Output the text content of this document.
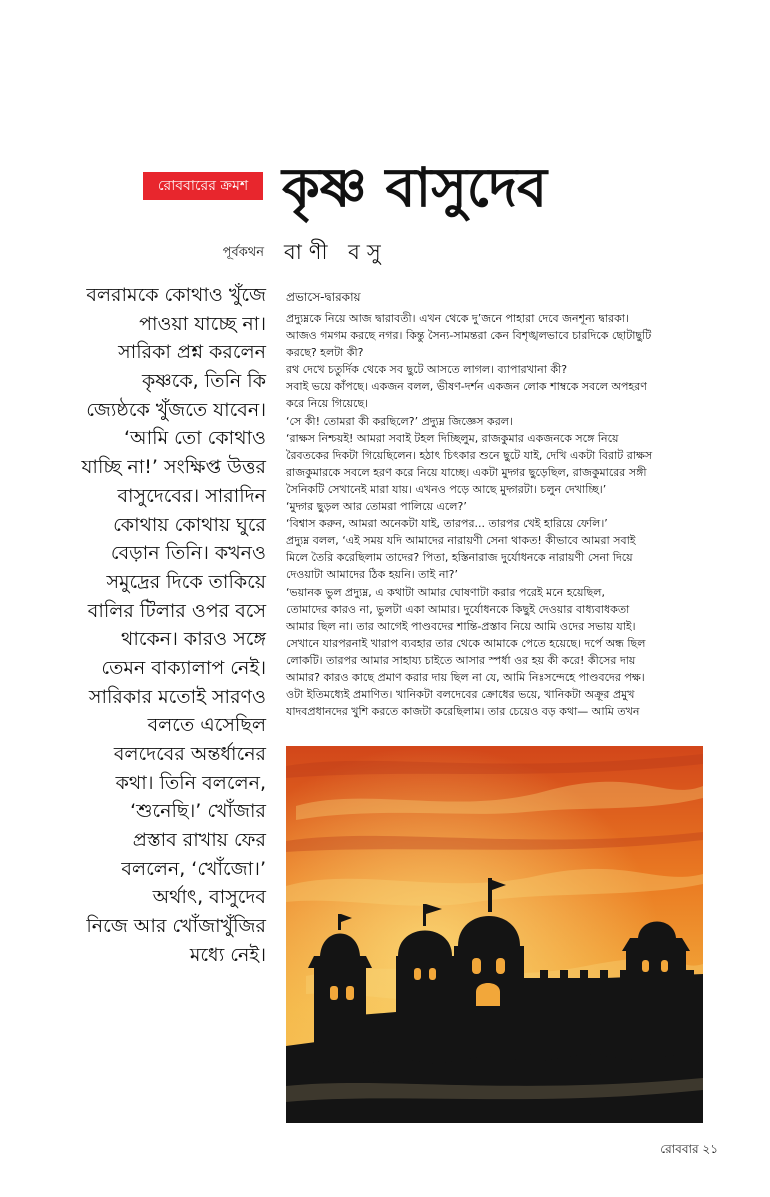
রোববারের ক্রমশ কৃষ্ণ বাসুদেব
পূর্বকথন বাণী বসু
বলরামকে কোথাও খুঁজে
পাওয়া যাচ্ছে না।
সারিকা প্রশ্ন করলেন
কৃষ্ণকে, তিনি কি
জ্যেষ্ঠকে খুঁজতে যাবেন।
‘আমি তো কোথাও
যাচ্ছি না!’ সংক্ষিপ্ত উত্তর
বাসুদেবের। সারাদিন
কোথায় কোথায় ঘুরে
বেড়ান তিনি। কখনও
সমুদ্রের দিকে তাকিয়ে
বালির টিলার ওপর বসে
থাকেন। কারও সঙ্গে
তেমন বাক্যালাপ নেই।
সারিকার মতোই সারণও
বলতে এসেছিল
বলদেবের অন্তর্ধানের
কথা। তিনি বললেন,
‘শুনেছি।’ খোঁজার
প্রস্তাব রাখায় ফের
বললেন, ‘খোঁজো।’
অর্থাৎ, বাসুদেব
নিজে আর খোঁজাখুঁজির
মধ্যে নেই।
প্রভাসে-দ্বারকায়
প্রদ্যুম্নকে নিয়ে আজ দ্বারাবতী। এখন থেকে দু’জনে পাহারা দেবে জনশূন্য দ্বারকা।
আজও গমগম করছে নগর। কিন্তু সৈন্য-সামন্তরা কেন বিশৃঙ্খলভাবে চারদিকে ছোটাছুটি
করছে? হলটা কী?
রথ দেখে চতুর্দিক থেকে সব ছুটে আসতে লাগল। ব্যাপারখানা কী?
সবাই ভয়ে কাঁপছে। একজন বলল, ভীষণ-দর্শন একজন লোক শাম্বকে সবলে অপহরণ
করে নিয়ে গিয়েছে।
‘সে কী! তোমরা কী করছিলে?’ প্রদ্যুম্ন জিজ্ঞেস করল।
‘রাক্ষস নিশ্চয়ই! আমরা সবাই টহল দিচ্ছিলুম, রাজকুমার একজনকে সঙ্গে নিয়ে
রৈবতকের দিকটা গিয়েছিলেন। হঠাৎ চিৎকার শুনে ছুটে যাই, দেখি একটা বিরাট রাক্ষস
রাজকুমারকে সবলে হরণ করে নিয়ে যাচ্ছে। একটা মুদ্গর ছুড়েছিল, রাজকুমারের সঙ্গী
সৈনিকটি সেখানেই মারা যায়। এখনও পড়ে আছে মুদ্গরটা। চলুন দেখাচ্ছি।’
‘মুদ্গর ছুড়ল আর তোমরা পালিয়ে এলে?’
‘বিশ্বাস করুন, আমরা অনেকটা যাই, তারপর... তারপর খেই হারিয়ে ফেলি।’
প্রদ্যুম্ন বলল, ‘এই সময় যদি আমাদের নারায়ণী সেনা থাকত! কীভাবে আমরা সবাই
মিলে তৈরি করেছিলাম তাদের? পিতা, হস্তিনারাজ দুর্যোধনকে নারায়ণী সেনা দিয়ে
দেওয়াটা আমাদের ঠিক হয়নি। তাই না?’
‘ভয়ানক ভুল প্রদ্যুম্ন, এ কথাটা আমার ঘোষণাটা করার পরেই মনে হয়েছিল,
তোমাদের কারও না, ভুলটা একা আমার। দুর্যোধনকে কিছুই দেওয়ার বাধ্যবাধকতা
আমার ছিল না। তার আগেই পাণ্ডবদের শান্তি-প্রস্তাব নিয়ে আমি ওদের সভায় যাই।
সেখানে যারপরনাই খারাপ ব্যবহার তার থেকে আমাকে পেতে হয়েছে। দর্পে অন্ধ ছিল
লোকটি। তারপর আমার সাহায্য চাইতে আসার স্পর্ধা ওর হয় কী করে! কীসের দায়
আমার? কারও কাছে প্রমাণ করার দায় ছিল না যে, আমি নিঃসন্দেহে পাণ্ডবদের পক্ষ।
ওটা ইতিমধ্যেই প্রমাণিত। খানিকটা বলদেবের ক্রোধের ভয়ে, খানিকটা অক্রূর প্রমুখ
যাদবপ্রধানদের খুশি করতে কাজটা করেছিলাম। তার চেয়েও বড় কথা— আমি তখন
রোববার ২১
